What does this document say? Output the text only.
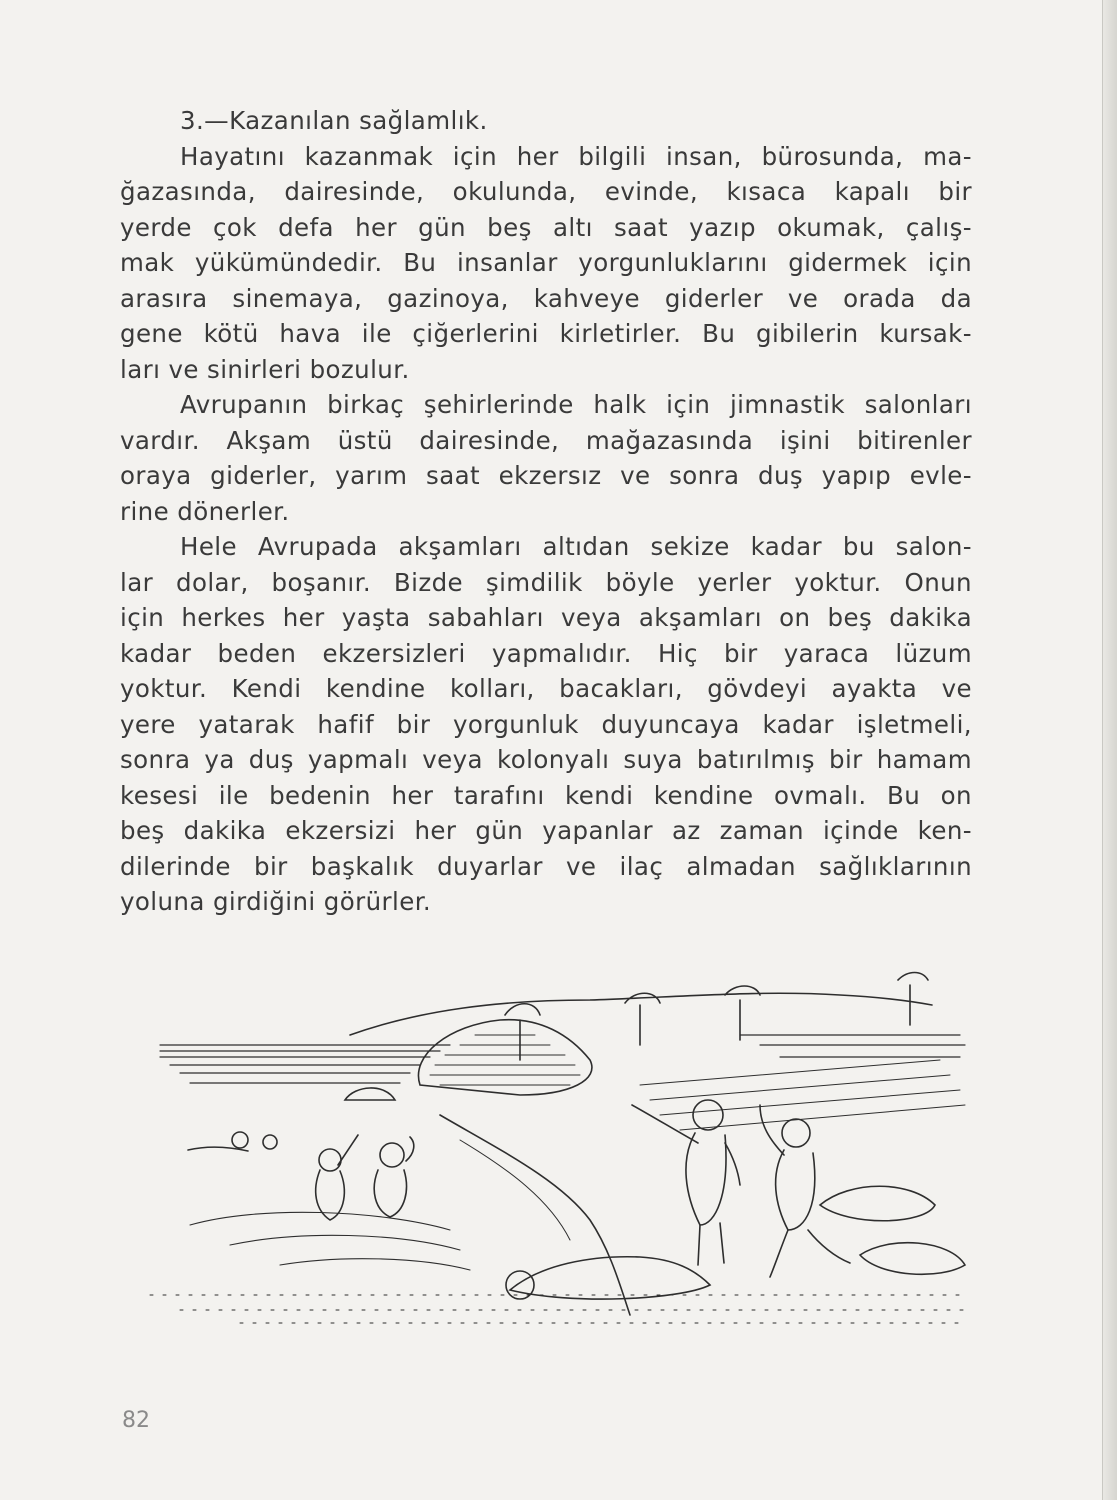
3.—Kazanılan sağlamlık.
Hayatını kazanmak için her bilgili insan, bürosunda, ma-
ğazasında, dairesinde, okulunda, evinde, kısaca kapalı bir
yerde çok defa her gün beş altı saat yazıp okumak, çalış-
mak yükümündedir. Bu insanlar yorgunluklarını gidermek için
arasıra sinemaya, gazinoya, kahveye giderler ve orada da
gene kötü hava ile çiğerlerini kirletirler. Bu gibilerin kursak-
ları ve sinirleri bozulur.
Avrupanın birkaç şehirlerinde halk için jimnastik salonları
vardır. Akşam üstü dairesinde, mağazasında işini bitirenler
oraya giderler, yarım saat ekzersız ve sonra duş yapıp evle-
rine dönerler.
Hele Avrupada akşamları altıdan sekize kadar bu salon-
lar dolar, boşanır. Bizde şimdilik böyle yerler yoktur. Onun
için herkes her yaşta sabahları veya akşamları on beş dakika
kadar beden ekzersizleri yapmalıdır. Hiç bir yaraca lüzum
yoktur. Kendi kendine kolları, bacakları, gövdeyi ayakta ve
yere yatarak hafif bir yorgunluk duyuncaya kadar işletmeli,
sonra ya duş yapmalı veya kolonyalı suya batırılmış bir hamam
kesesi ile bedenin her tarafını kendi kendine ovmalı. Bu on
beş dakika ekzersizi her gün yapanlar az zaman içinde ken-
dilerinde bir başkalık duyarlar ve ilaç almadan sağlıklarının
yoluna girdiğini görürler.
82
